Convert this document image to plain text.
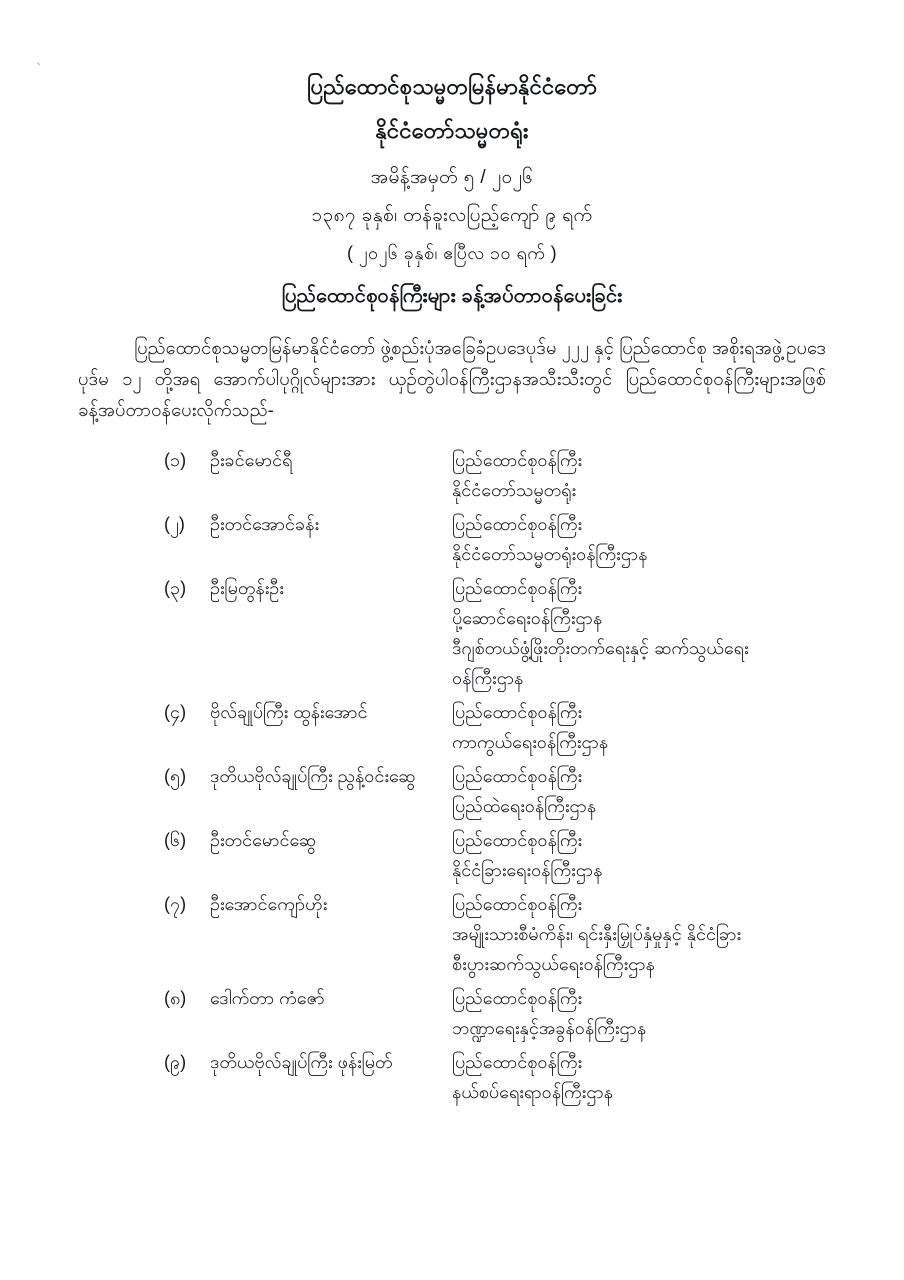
ˎ
ပြည်ထောင်စုသမ္မတမြန်မာနိုင်ငံတော်
နိုင်ငံတော်သမ္မတရုံး
အမိန့်အမှတ် ၅ / ၂၀၂၆
၁၃၈၇ ခုနှစ်၊ တန်ခူးလပြည့်ကျော် ၉ ရက်
( ၂၀၂၆ ခုနှစ်၊ ဧပြီလ ၁၀ ရက် )
ပြည်ထောင်စုဝန်ကြီးများ ခန့်အပ်တာဝန်ပေးခြင်း
ပြည်ထောင်စုသမ္မတမြန်မာနိုင်ငံတော် ဖွဲ့စည်းပုံအခြေခံဥပဒေပုဒ်မ ၂၂၂ နှင့် ပြည်ထောင်စု အစိုးရအဖွဲ့ဥပဒေပုဒ်မ ၁၂ တို့အရ အောက်ပါပုဂ္ဂိုလ်များအား ယှဉ်တွဲပါဝန်ကြီးဌာနအသီးသီးတွင် ပြည်ထောင်စုဝန်ကြီးများအဖြစ် ခန့်အပ်တာဝန်ပေးလိုက်သည်-
(၁)	ဦးခင်မောင်ရီ	ပြည်ထောင်စုဝန်ကြီး
နိုင်ငံတော်သမ္မတရုံး
(၂)	ဦးတင်အောင်ခန်း	ပြည်ထောင်စုဝန်ကြီး
နိုင်ငံတော်သမ္မတရုံးဝန်ကြီးဌာန
(၃)	ဦးမြတွန်းဦး	ပြည်ထောင်စုဝန်ကြီး
ပို့ဆောင်ရေးဝန်ကြီးဌာန
ဒီဂျစ်တယ်ဖွံ့ဖြိုးတိုးတက်ရေးနှင့် ဆက်သွယ်ရေး
ဝန်ကြီးဌာန
(၄)	ဗိုလ်ချုပ်ကြီး ထွန်းအောင်	ပြည်ထောင်စုဝန်ကြီး
ကာကွယ်ရေးဝန်ကြီးဌာန
(၅)	ဒုတိယဗိုလ်ချုပ်ကြီး ညွန့်ဝင်းဆွေ	ပြည်ထောင်စုဝန်ကြီး
ပြည်ထဲရေးဝန်ကြီးဌာန
(၆)	ဦးတင်မောင်ဆွေ	ပြည်ထောင်စုဝန်ကြီး
နိုင်ငံခြားရေးဝန်ကြီးဌာန
(၇)	ဦးအောင်ကျော်ဟိုး	ပြည်ထောင်စုဝန်ကြီး
အမျိုးသားစီမံကိန်း၊ ရင်းနှီးမြှုပ်နှံမှုနှင့် နိုင်ငံခြား
စီးပွားဆက်သွယ်ရေးဝန်ကြီးဌာန
(၈)	ဒေါက်တာ ကံဇော်	ပြည်ထောင်စုဝန်ကြီး
ဘဏ္ဍာရေးနှင့်အခွန်ဝန်ကြီးဌာန
(၉)	ဒုတိယဗိုလ်ချုပ်ကြီး ဖုန်းမြတ်	ပြည်ထောင်စုဝန်ကြီး
နယ်စပ်ရေးရာဝန်ကြီးဌာန
